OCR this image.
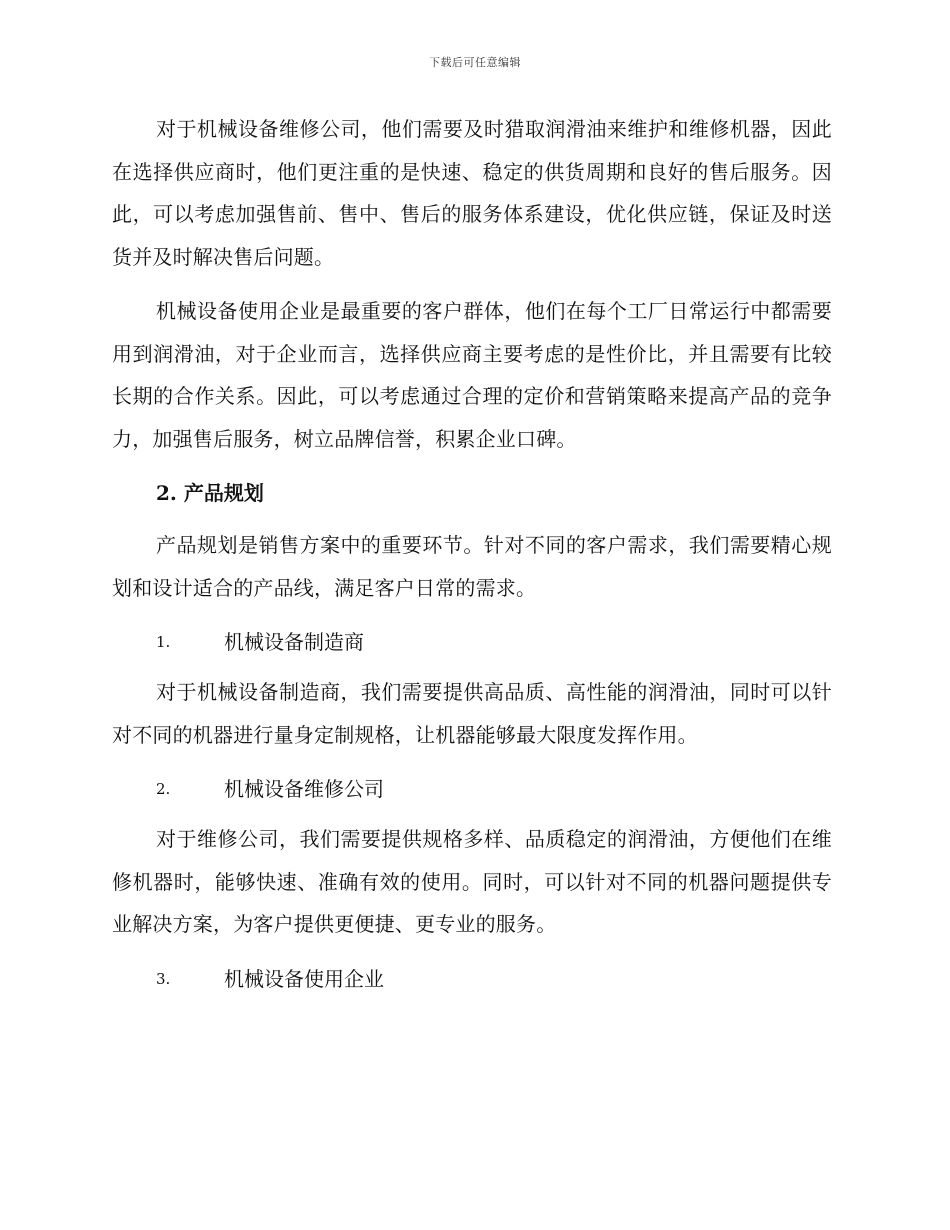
下载后可任意编辑

对于机械设备维修公司，他们需要及时猎取润滑油来维护和维修机器，因此在选择供应商时，他们更注重的是快速、稳定的供货周期和良好的售后服务。因此，可以考虑加强售前、售中、售后的服务体系建设，优化供应链，保证及时送货并及时解决售后问题。

机械设备使用企业是最重要的客户群体，他们在每个工厂日常运行中都需要用到润滑油，对于企业而言，选择供应商主要考虑的是性价比，并且需要有比较长期的合作关系。因此，可以考虑通过合理的定价和营销策略来提高产品的竞争力，加强售后服务，树立品牌信誉，积累企业口碑。

2. 产品规划

产品规划是销售方案中的重要环节。针对不同的客户需求，我们需要精心规划和设计适合的产品线，满足客户日常的需求。

1.	机械设备制造商

对于机械设备制造商，我们需要提供高品质、高性能的润滑油，同时可以针对不同的机器进行量身定制规格，让机器能够最大限度发挥作用。

2.	机械设备维修公司

对于维修公司，我们需要提供规格多样、品质稳定的润滑油，方便他们在维修机器时，能够快速、准确有效的使用。同时，可以针对不同的机器问题提供专业解决方案，为客户提供更便捷、更专业的服务。

3.	机械设备使用企业
